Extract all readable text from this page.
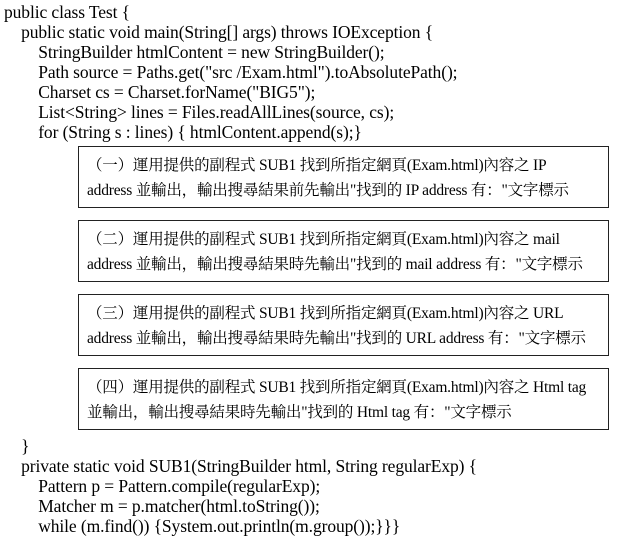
public class Test {
public static void main(String[] args) throws IOException {
StringBuilder htmlContent = new StringBuilder();
Path source = Paths.get("src /Exam.html").toAbsolutePath();
Charset cs = Charset.forName("BIG5");
List<String> lines = Files.readAllLines(source, cs);
for (String s : lines) { htmlContent.append(s);}
（一）運用提供的副程式 SUB1 找到所指定網頁(Exam.html)內容之 IP
address 並輸出，輸出搜尋結果前先輸出"找到的 IP address 有："文字標示
（二）運用提供的副程式 SUB1 找到所指定網頁(Exam.html)內容之 mail
address 並輸出，輸出搜尋結果時先輸出"找到的 mail address 有："文字標示
（三）運用提供的副程式 SUB1 找到所指定網頁(Exam.html)內容之 URL
address 並輸出，輸出搜尋結果時先輸出"找到的 URL address 有："文字標示
（四）運用提供的副程式 SUB1 找到所指定網頁(Exam.html)內容之 Html tag
並輸出，輸出搜尋結果時先輸出"找到的 Html tag 有："文字標示
}
private static void SUB1(StringBuilder html, String regularExp) {
Pattern p = Pattern.compile(regularExp);
Matcher m = p.matcher(html.toString());
while (m.find()) {System.out.println(m.group());}}}
